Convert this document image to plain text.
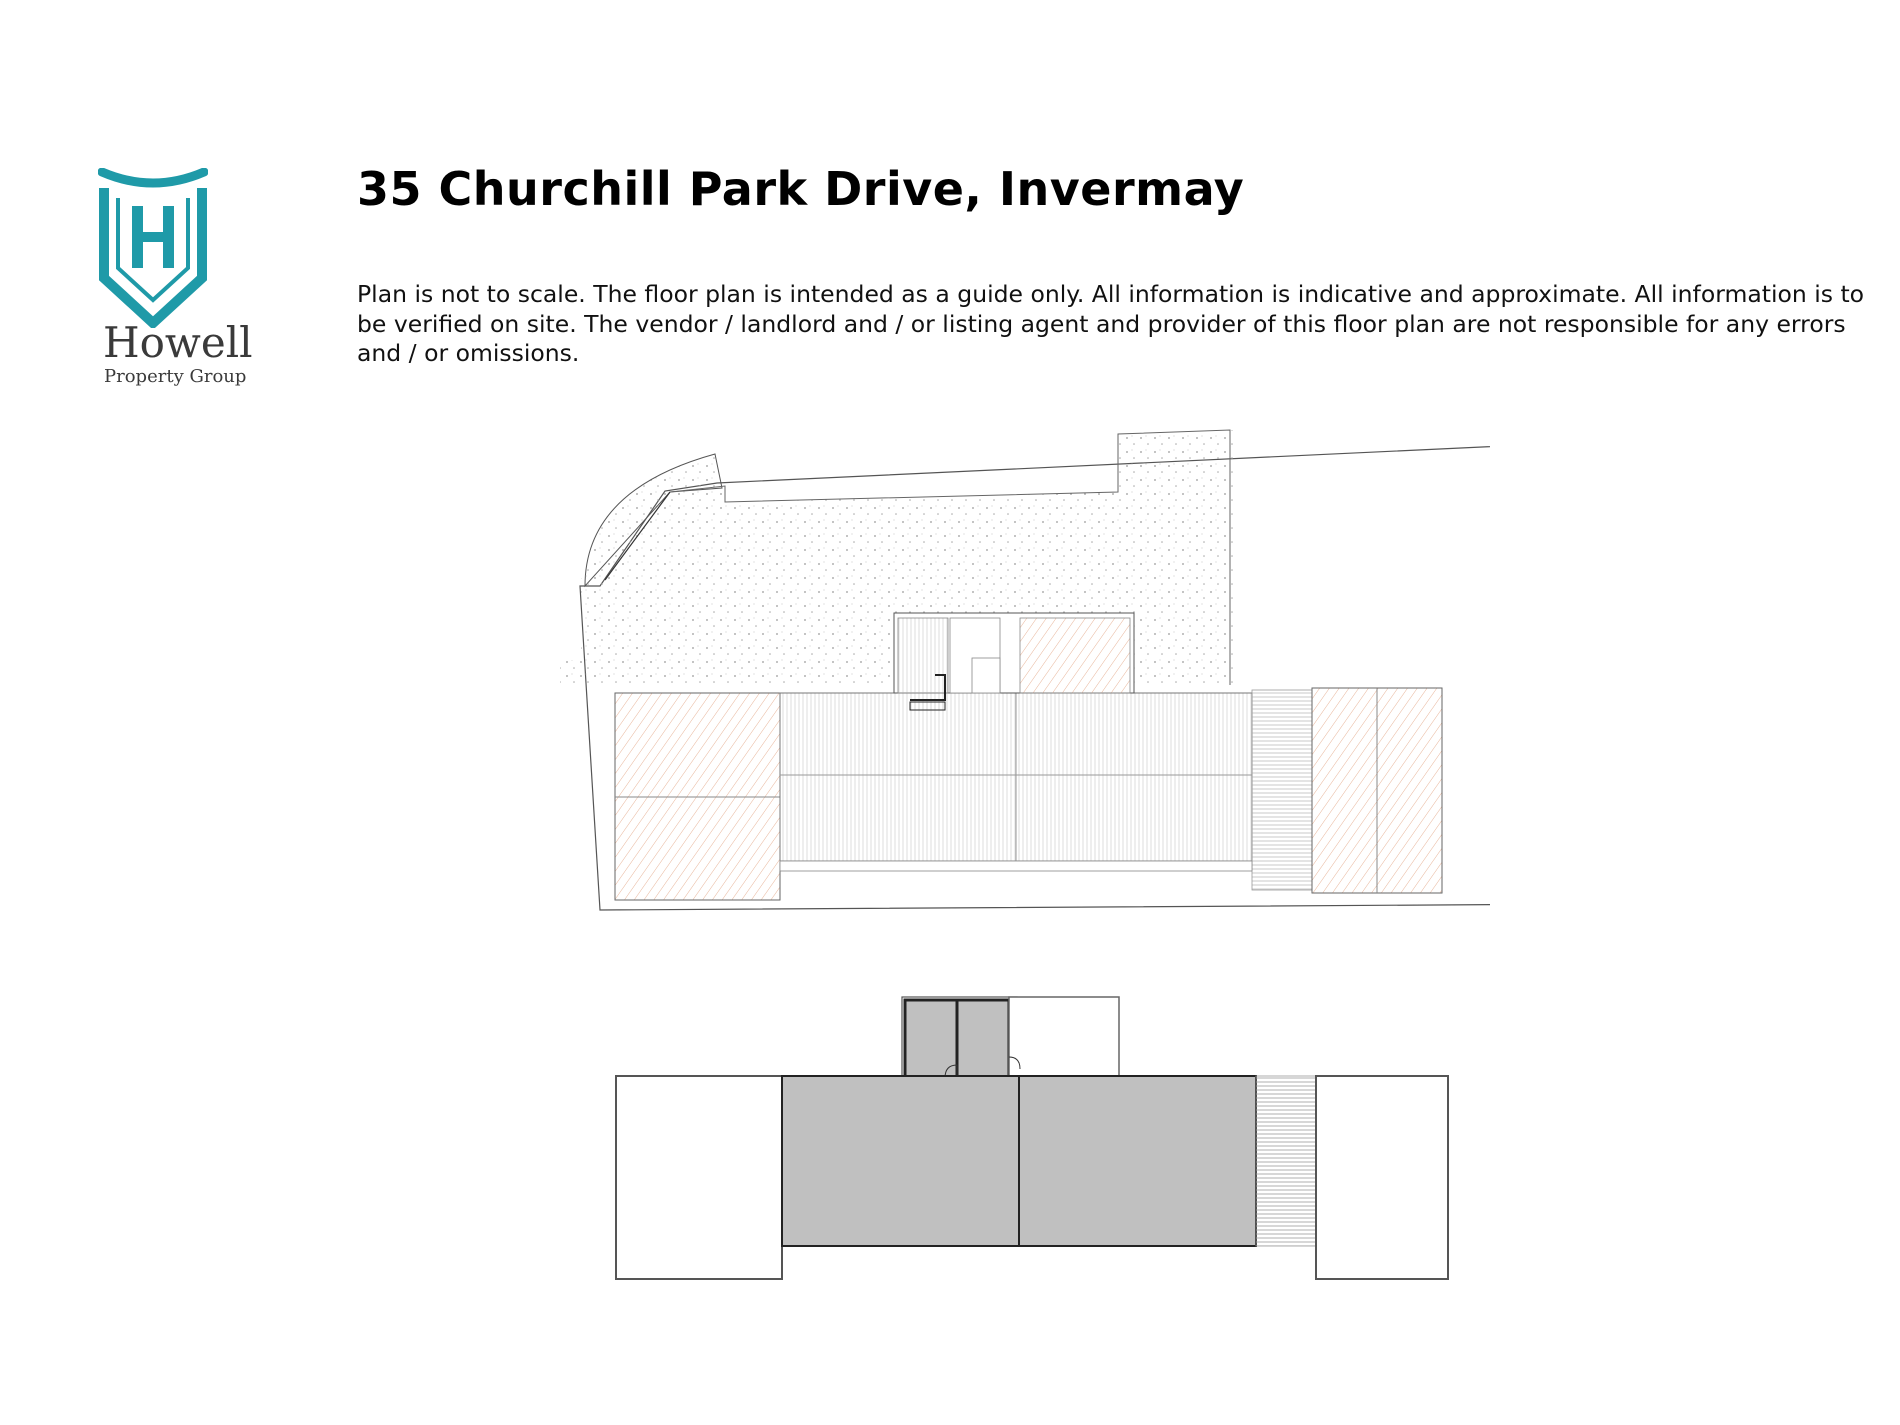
Howell
Property Group
35 Churchill Park Drive, Invermay

Plan is not to scale. The floor plan is intended as a guide only. All information is indicative and approximate. All information is to be verified on site. The vendor / landlord and / or listing agent and provider of this floor plan are not responsible for any errors and / or omissions.
